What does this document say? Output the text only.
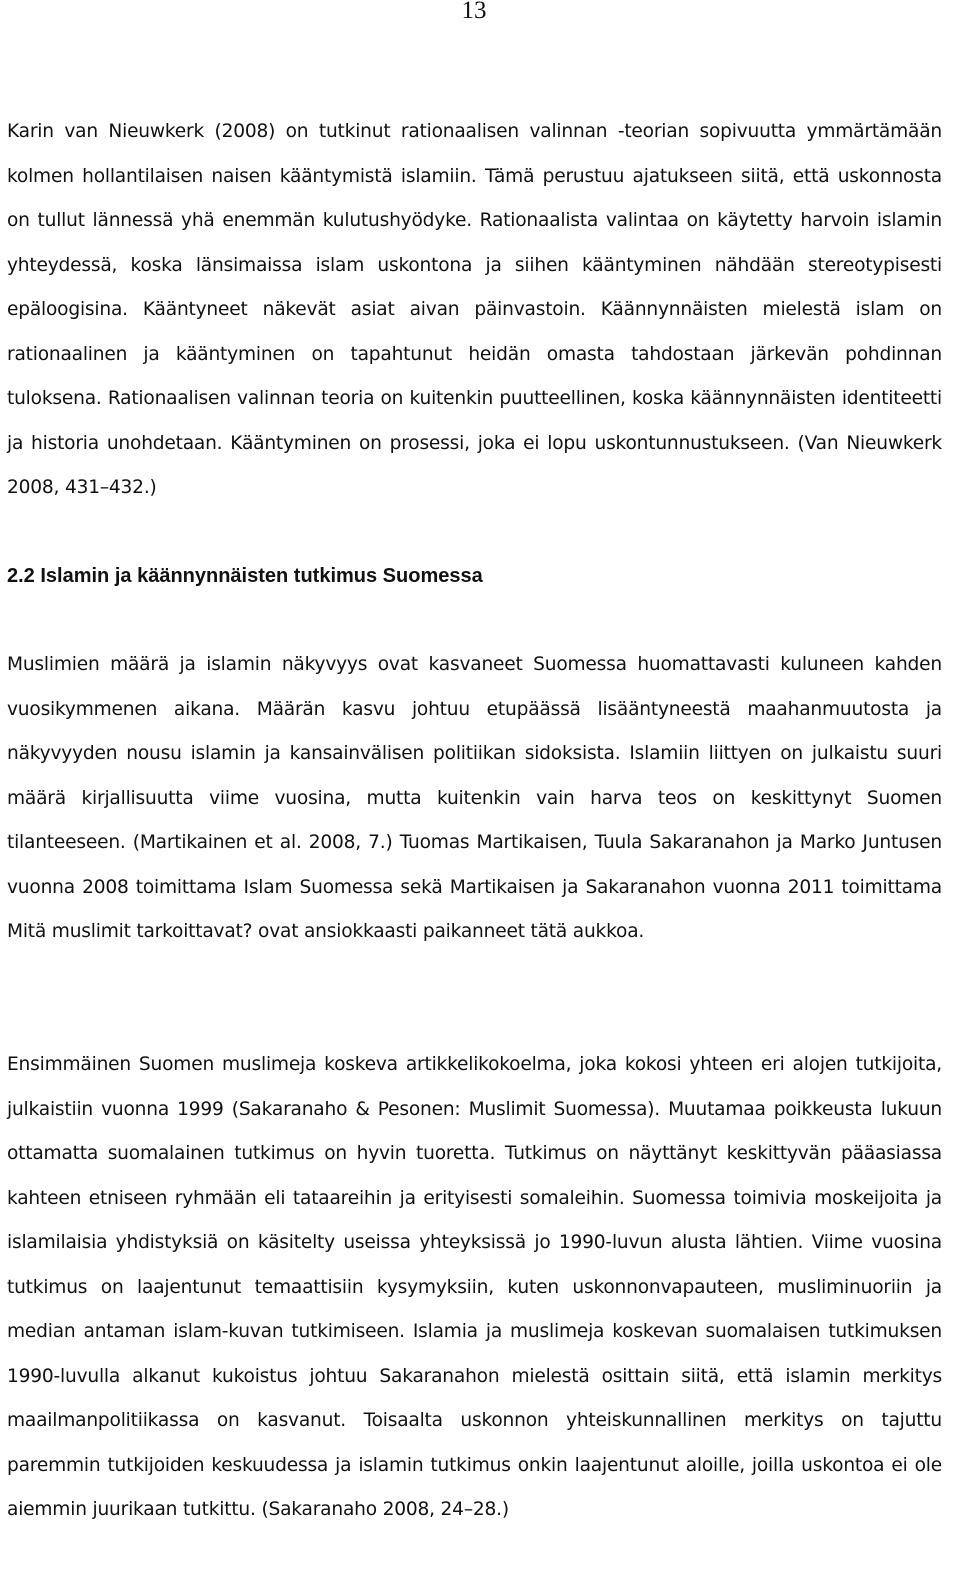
13

Karin van Nieuwkerk (2008) on tutkinut rationaalisen valinnan -teorian sopivuutta ymmärtämään kolmen hollantilaisen naisen kääntymistä islamiin. Tämä perustuu ajatukseen siitä, että uskonnosta on tullut lännessä yhä enemmän kulutushyödyke. Rationaalista valintaa on käytetty harvoin islamin yhteydessä, koska länsimaissa islam uskontona ja siihen kääntyminen nähdään stereotypisesti epäloogisina. Kääntyneet näkevät asiat aivan päinvastoin. Käännynnäisten mielestä islam on rationaalinen ja kääntyminen on tapahtunut heidän omasta tahdostaan järkevän pohdinnan tuloksena. Rationaalisen valinnan teoria on kuitenkin puutteellinen, koska käännynnäisten identiteetti ja historia unohdetaan. Kääntyminen on prosessi, joka ei lopu uskontunnustukseen. (Van Nieuwkerk 2008, 431–432.)

2.2 Islamin ja käännynnäisten tutkimus Suomessa

Muslimien määrä ja islamin näkyvyys ovat kasvaneet Suomessa huomattavasti kuluneen kahden vuosikymmenen aikana. Määrän kasvu johtuu etupäässä lisääntyneestä maahanmuutosta ja näkyvyyden nousu islamin ja kansainvälisen politiikan sidoksista. Islamiin liittyen on julkaistu suuri määrä kirjallisuutta viime vuosina, mutta kuitenkin vain harva teos on keskittynyt Suomen tilanteeseen. (Martikainen et al. 2008, 7.) Tuomas Martikaisen, Tuula Sakaranahon ja Marko Juntusen vuonna 2008 toimittama Islam Suomessa sekä Martikaisen ja Sakaranahon vuonna 2011 toimittama Mitä muslimit tarkoittavat? ovat ansiokkaasti paikanneet tätä aukkoa.

Ensimmäinen Suomen muslimeja koskeva artikkelikokoelma, joka kokosi yhteen eri alojen tutkijoita, julkaistiin vuonna 1999 (Sakaranaho & Pesonen: Muslimit Suomessa). Muutamaa poikkeusta lukuun ottamatta suomalainen tutkimus on hyvin tuoretta. Tutkimus on näyttänyt keskittyvän pääasiassa kahteen etniseen ryhmään eli tataareihin ja erityisesti somaleihin. Suomessa toimivia moskeijoita ja islamilaisia yhdistyksiä on käsitelty useissa yhteyksissä jo 1990-luvun alusta lähtien. Viime vuosina tutkimus on laajentunut temaattisiin kysymyksiin, kuten uskonnonvapauteen, musliminuoriin ja median antaman islam-kuvan tutkimiseen. Islamia ja muslimeja koskevan suomalaisen tutkimuksen 1990-luvulla alkanut kukoistus johtuu Sakaranahon mielestä osittain siitä, että islamin merkitys maailmanpolitiikassa on kasvanut. Toisaalta uskonnon yhteiskunnallinen merkitys on tajuttu paremmin tutkijoiden keskuudessa ja islamin tutkimus onkin laajentunut aloille, joilla uskontoa ei ole aiemmin juurikaan tutkittu. (Sakaranaho 2008, 24–28.)
